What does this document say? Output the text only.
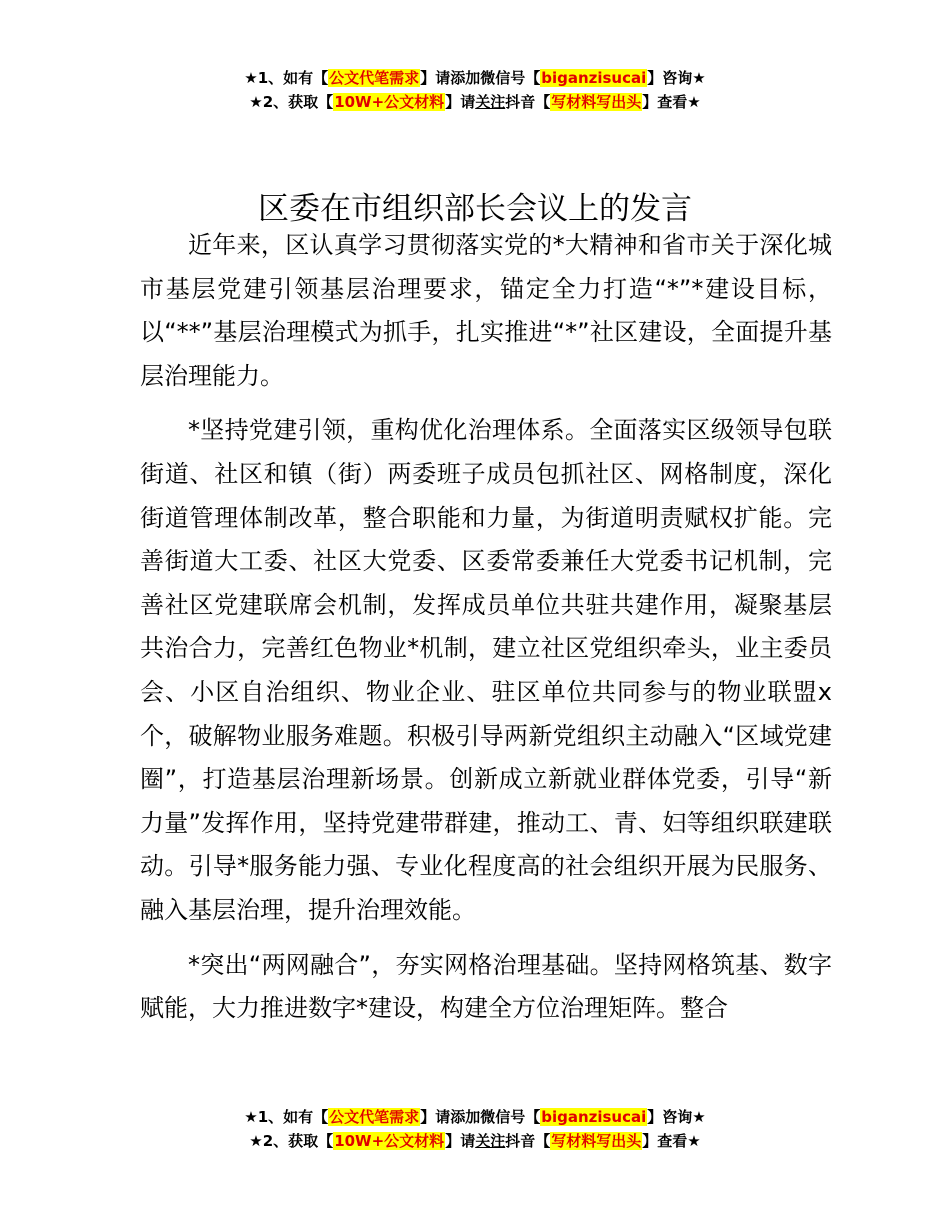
★1、如有【公文代笔需求】请添加微信号【biganzisucai】咨询★
★2、获取【10W+公文材料】请关注抖音【写材料写出头】查看★
区委在市组织部长会议上的发言

近年来，区认真学习贯彻落实党的*大精神和省市关于深化城市基层党建引领基层治理要求，锚定全力打造“*”*建设目标，以“**”基层治理模式为抓手，扎实推进“*”社区建设，全面提升基层治理能力。

*坚持党建引领，重构优化治理体系。全面落实区级领导包联街道、社区和镇（街）两委班子成员包抓社区、网格制度，深化街道管理体制改革，整合职能和力量，为街道明责赋权扩能。完善街道大工委、社区大党委、区委常委兼任大党委书记机制，完善社区党建联席会机制，发挥成员单位共驻共建作用，凝聚基层共治合力，完善红色物业*机制，建立社区党组织牵头，业主委员会、小区自治组织、物业企业、驻区单位共同参与的物业联盟x个，破解物业服务难题。积极引导两新党组织主动融入“区域党建圈”，打造基层治理新场景。创新成立新就业群体党委，引导“新力量”发挥作用，坚持党建带群建，推动工、青、妇等组织联建联动。引导*服务能力强、专业化程度高的社会组织开展为民服务、融入基层治理，提升治理效能。

*突出“两网融合”，夯实网格治理基础。坚持网格筑基、数字赋能，大力推进数字*建设，构建全方位治理矩阵。整合

★1、如有【公文代笔需求】请添加微信号【biganzisucai】咨询★
★2、获取【10W+公文材料】请关注抖音【写材料写出头】查看★
